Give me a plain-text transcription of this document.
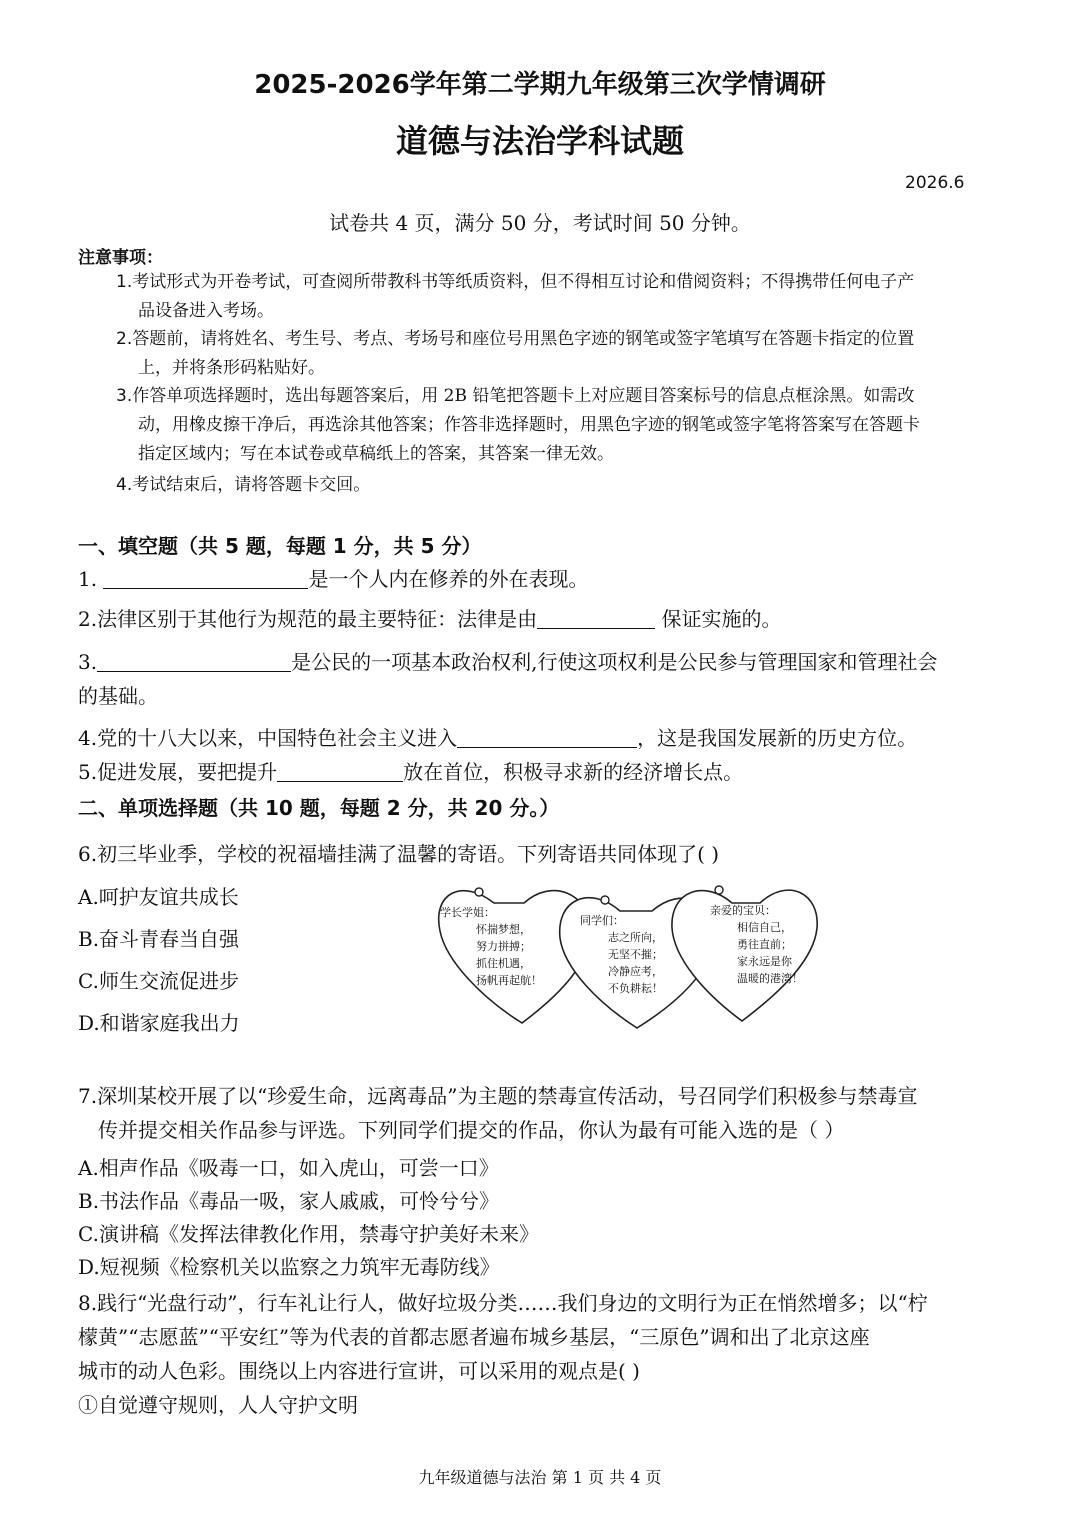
2025-2026学年第二学期九年级第三次学情调研
道德与法治学科试题
2026.6
试卷共 4 页，满分 50 分，考试时间 50 分钟。
注意事项：
1.考试形式为开卷考试，可查阅所带教科书等纸质资料，但不得相互讨论和借阅资料；不得携带任何电子产
品设备进入考场。
2.答题前，请将姓名、考生号、考点、考场号和座位号用黑色字迹的钢笔或签字笔填写在答题卡指定的位置
上，并将条形码粘贴好。
3.作答单项选择题时，选出每题答案后，用 2B 铅笔把答题卡上对应题目答案标号的信息点框涂黑。如需改
动，用橡皮擦干净后，再选涂其他答案；作答非选择题时，用黑色字迹的钢笔或签字笔将答案写在答题卡
指定区域内；写在本试卷或草稿纸上的答案，其答案一律无效。
4.考试结束后，请将答题卡交回。
一、填空题（共 5 题，每题 1 分，共 5 分）
1.	是一个人内在修养的外在表现。
2.法律区别于其他行为规范的最主要特征：法律是由	保证实施的。
3.	是公民的一项基本政治权利,行使这项权利是公民参与管理国家和管理社会
的基础。
4.党的十八大以来，中国特色社会主义进入	，这是我国发展新的历史方位。
5.促进发展，要把提升	放在首位，积极寻求新的经济增长点。
二、单项选择题（共 10 题，每题 2 分，共 20 分。）
6.初三毕业季，学校的祝福墙挂满了温馨的寄语。下列寄语共同体现了( )
A.呵护友谊共成长
B.奋斗青春当自强
C.师生交流促进步
D.和谐家庭我出力
学长学姐：
怀揣梦想，
努力拼搏；
抓住机遇，
扬帆再起航！
同学们：
志之所向，
无坚不摧；
冷静应考，
不负耕耘！
亲爱的宝贝：
相信自己，
勇往直前；
家永远是你
温暖的港湾！
7.深圳某校开展了以“珍爱生命，远离毒品”为主题的禁毒宣传活动，号召同学们积极参与禁毒宣
传并提交相关作品参与评选。下列同学们提交的作品，你认为最有可能入选的是（ ）
A.相声作品《吸毒一口，如入虎山，可尝一口》
B.书法作品《毒品一吸，家人戚戚，可怜兮兮》
C.演讲稿《发挥法律教化作用，禁毒守护美好未来》
D.短视频《检察机关以监察之力筑牢无毒防线》
8.践行“光盘行动”，行车礼让行人，做好垃圾分类……我们身边的文明行为正在悄然增多；以“柠
檬黄”“志愿蓝”“平安红”等为代表的首都志愿者遍布城乡基层，“三原色”调和出了北京这座
城市的动人色彩。围绕以上内容进行宣讲，可以采用的观点是( )
①自觉遵守规则，人人守护文明
九年级道德与法治 第 1 页 共 4 页
